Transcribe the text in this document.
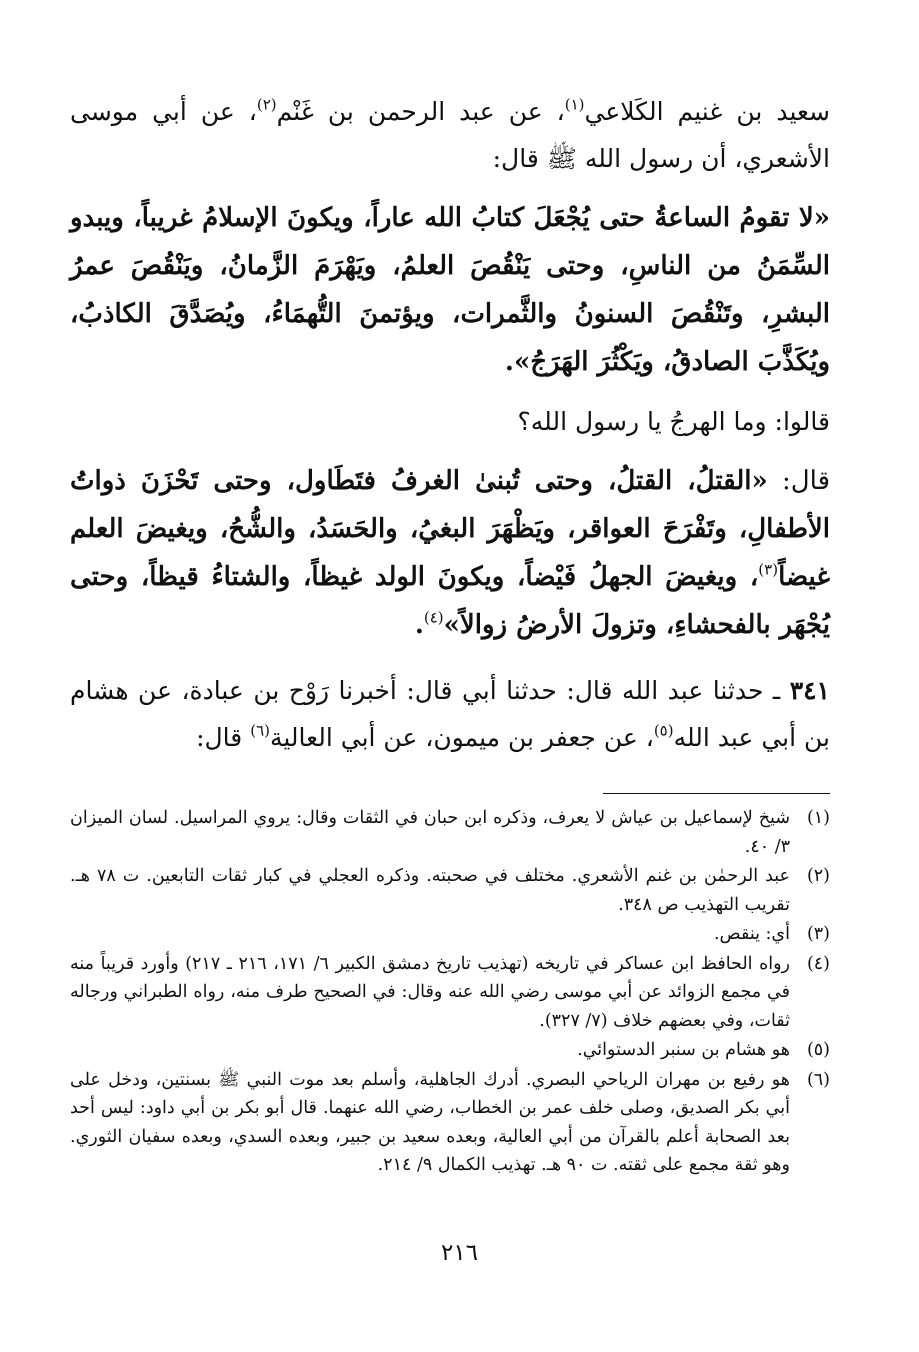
سعيد بن غنيم الكَلاعي$^{(١)}$، عن عبد الرحمن بن غَنْم$^{(٢)}$، عن أبي موسى الأشعري، أن رسول الله ﷺ قال:

«لا تقومُ الساعةُ حتى يُجْعَلَ كتابُ الله عاراً، ويكونَ الإسلامُ غريباً، ويبدو السِّمَنُ من الناسِ، وحتى يَنْقُصَ العلمُ، ويَهْرَمَ الزَّمانُ، ويَنْقُصَ عمرُ البشرِ، وتَنْقُصَ السنونُ والثَّمرات، ويؤتمنَ التُّهمَاءُ، ويُصَدَّقَ الكاذبُ، ويُكَذَّبَ الصادقُ، ويَكْثُرَ الهَرَجُ».

قالوا: وما الهرجُ يا رسول الله؟

قال: «القتلُ، القتلُ، وحتى تُبنىٰ الغرفُ فتَطَاول، وحتى تَحْزَنَ ذواتُ الأطفالِ، وتَفْرَحَ العواقر، ويَظْهَرَ البغيُ، والحَسَدُ، والشُّحُ، ويغيضَ العلم غيضاً$^{(٣)}$، ويغيضَ الجهلُ فَيْضاً، ويكونَ الولد غيظاً، والشتاءُ قيظاً، وحتى يُجْهَر بالفحشاءِ، وتزولَ الأرضُ زوالاً»$^{(٤)}$.

٣٤١ ـ حدثنا عبد الله قال: حدثنا أبي قال: أخبرنا رَوْح بن عبادة، عن هشام بن أبي عبد الله$^{(٥)}$، عن جعفر بن ميمون، عن أبي العالية$^{(٦)}$ قال:

(١)
شيخ لإسماعيل بن عياش لا يعرف، وذكره ابن حبان في الثقات وقال: يروي المراسيل. لسان الميزان ٣/ ٤٠.
(٢)
عبد الرحمٰن بن غنم الأشعري. مختلف في صحبته. وذكره العجلي في كبار ثقات التابعين. ت ٧٨ هـ. تقريب التهذيب ص ٣٤٨.
(٣)
أي: ينقص.
(٤)
رواه الحافظ ابن عساكر في تاريخه (تهذيب تاريخ دمشق الكبير ٦/ ١٧١، ٢١٦ ـ ٢١٧) وأورد قريباً منه في مجمع الزوائد عن أبي موسى رضي الله عنه وقال: في الصحيح طرف منه، رواه الطبراني ورجاله ثقات، وفي بعضهم خلاف (٧/ ٣٢٧).
(٥)
هو هشام بن سنبر الدستوائي.
(٦)
هو رفيع بن مهران الرياحي البصري. أدرك الجاهلية، وأسلم بعد موت النبي ﷺ بسنتين، ودخل على أبي بكر الصديق، وصلى خلف عمر بن الخطاب، رضي الله عنهما. قال أبو بكر بن أبي داود: ليس أحد بعد الصحابة أعلم بالقرآن من أبي العالية، وبعده سعيد بن جبير، وبعده السدي، وبعده سفيان الثوري. وهو ثقة مجمع على ثقته. ت ٩٠ هـ. تهذيب الكمال ٩/ ٢١٤.
٢١٦
